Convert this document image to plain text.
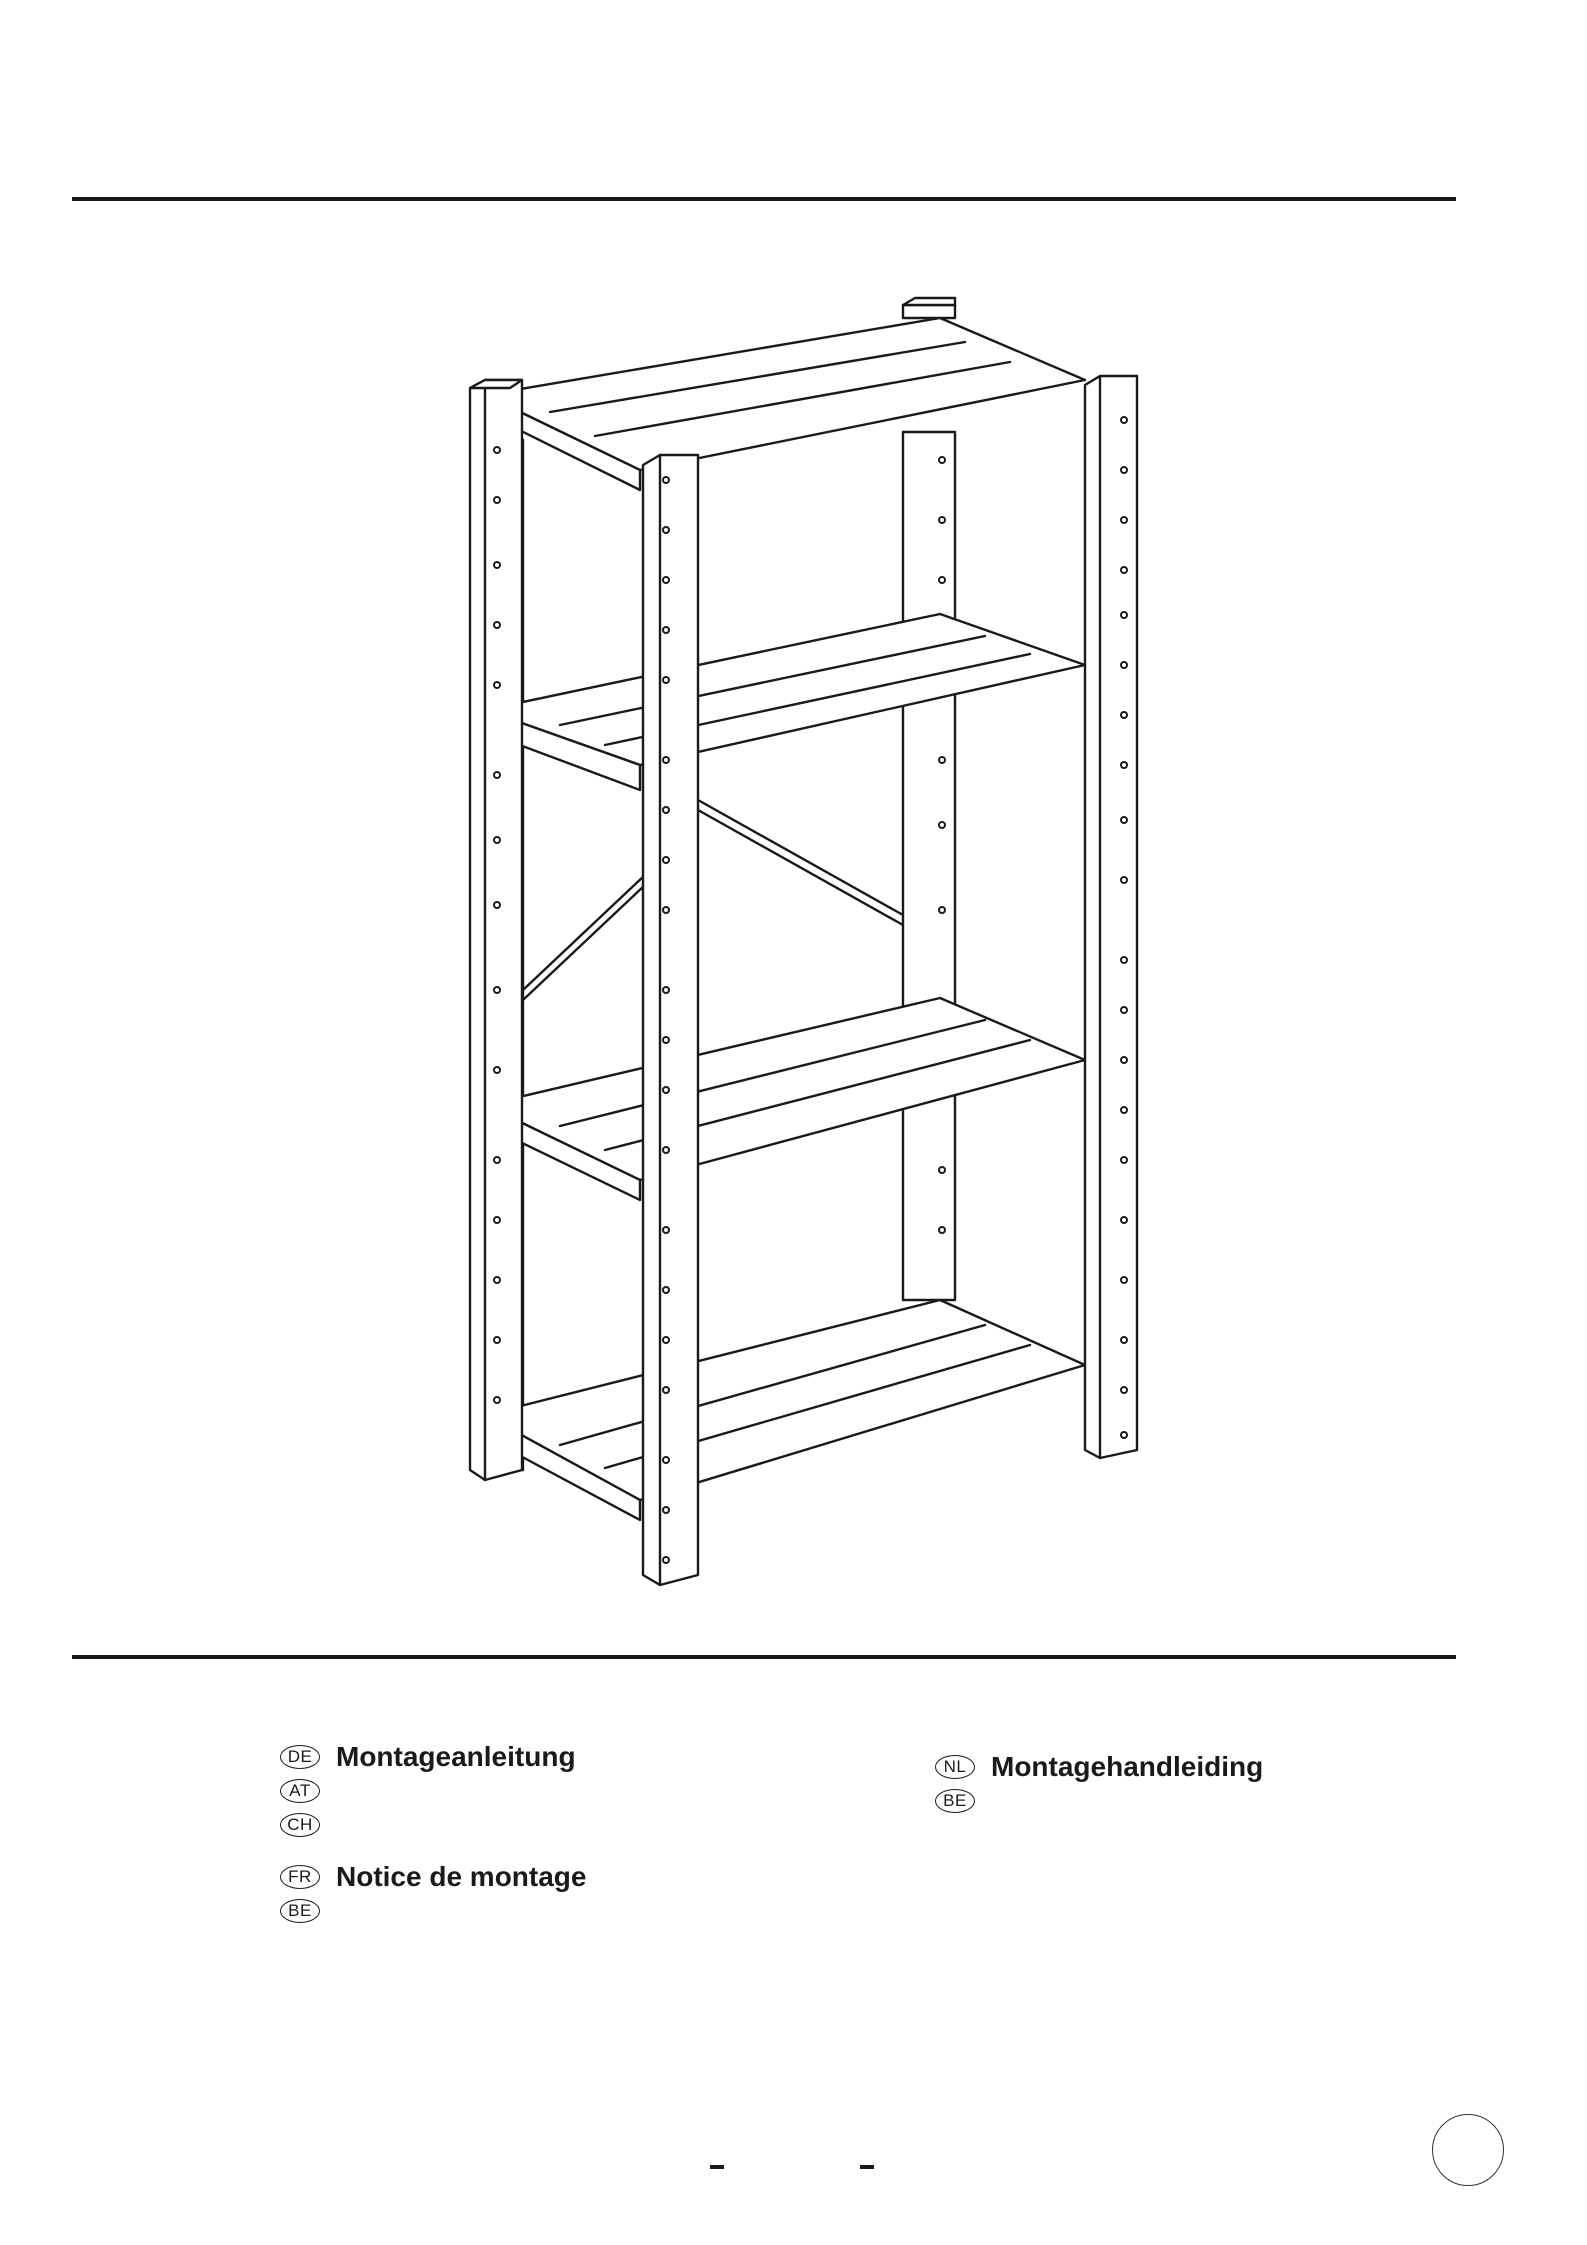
DE Montageanleitung
AT
CH
FR Notice de montage
BE
NL Montagehandleiding
BE
